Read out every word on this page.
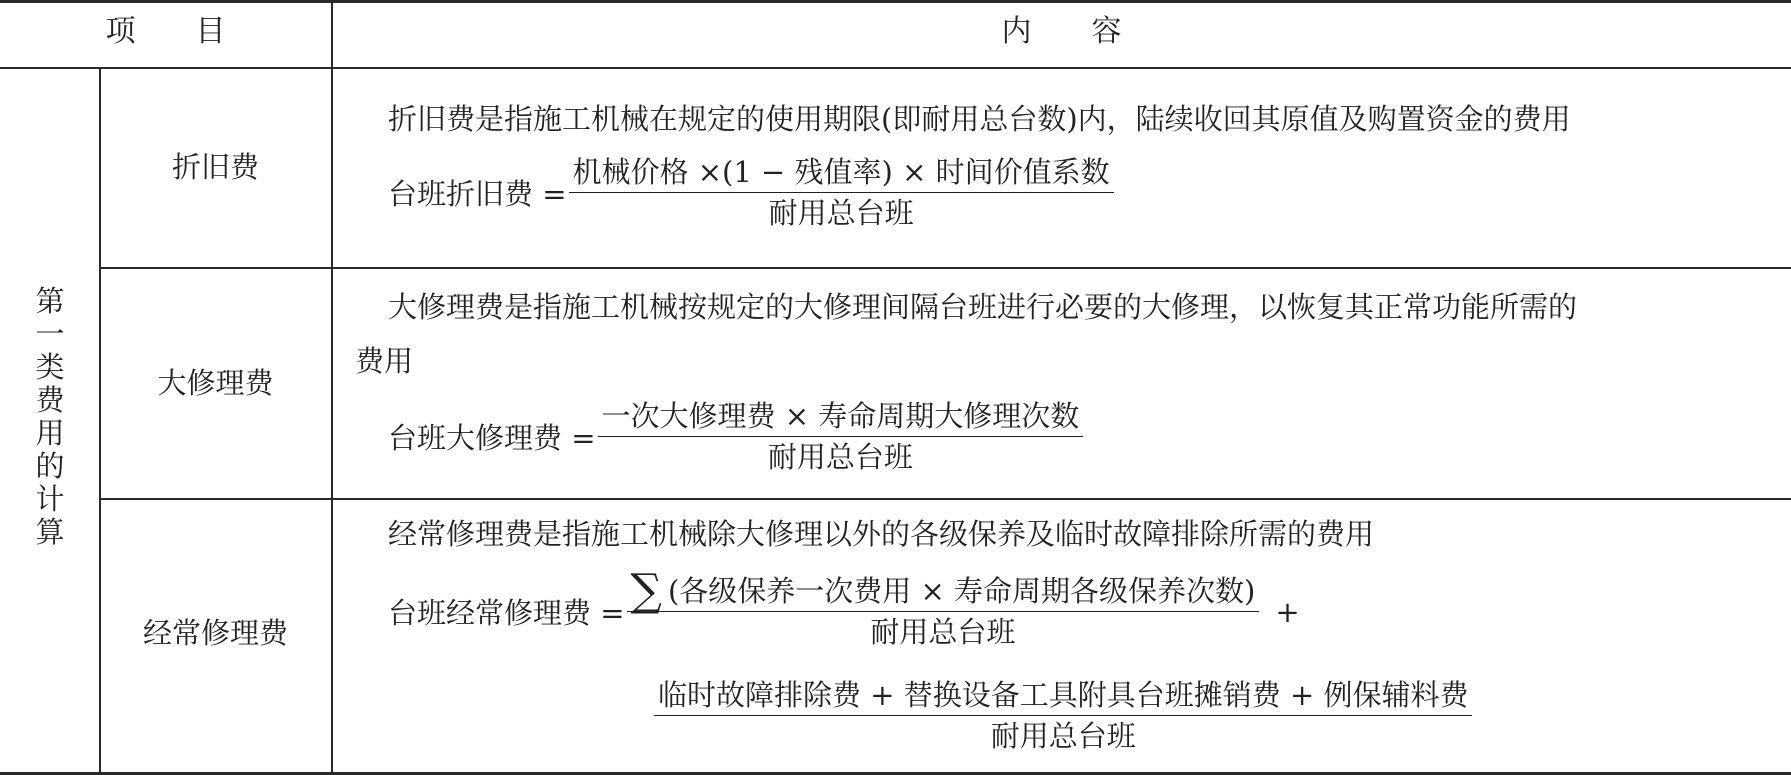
项　　目	内　　容
第一类费用的计算
折旧费
折旧费是指施工机械在规定的使用期限(即耐用总台数)内，陆续收回其原值及购置资金的费用
台班折旧费 = $\frac{\text{机械价格 ×(1 − 残值率) × 时间价值系数}}{\text{耐用总台班}}$
大修理费
大修理费是指施工机械按规定的大修理间隔台班进行必要的大修理，以恢复其正常功能所需的
费用
台班大修理费 = $\frac{\text{一次大修理费 × 寿命周期大修理次数}}{\text{耐用总台班}}$
经常修理费
经常修理费是指施工机械除大修理以外的各级保养及临时故障排除所需的费用
台班经常修理费 = $\frac{\text{∑ (各级保养一次费用 × 寿命周期各级保养次数)}}{\text{耐用总台班}}$ +
$\frac{\text{临时故障排除费 + 替换设备工具附具台班摊销费 + 例保辅料费}}{\text{耐用总台班}}$
